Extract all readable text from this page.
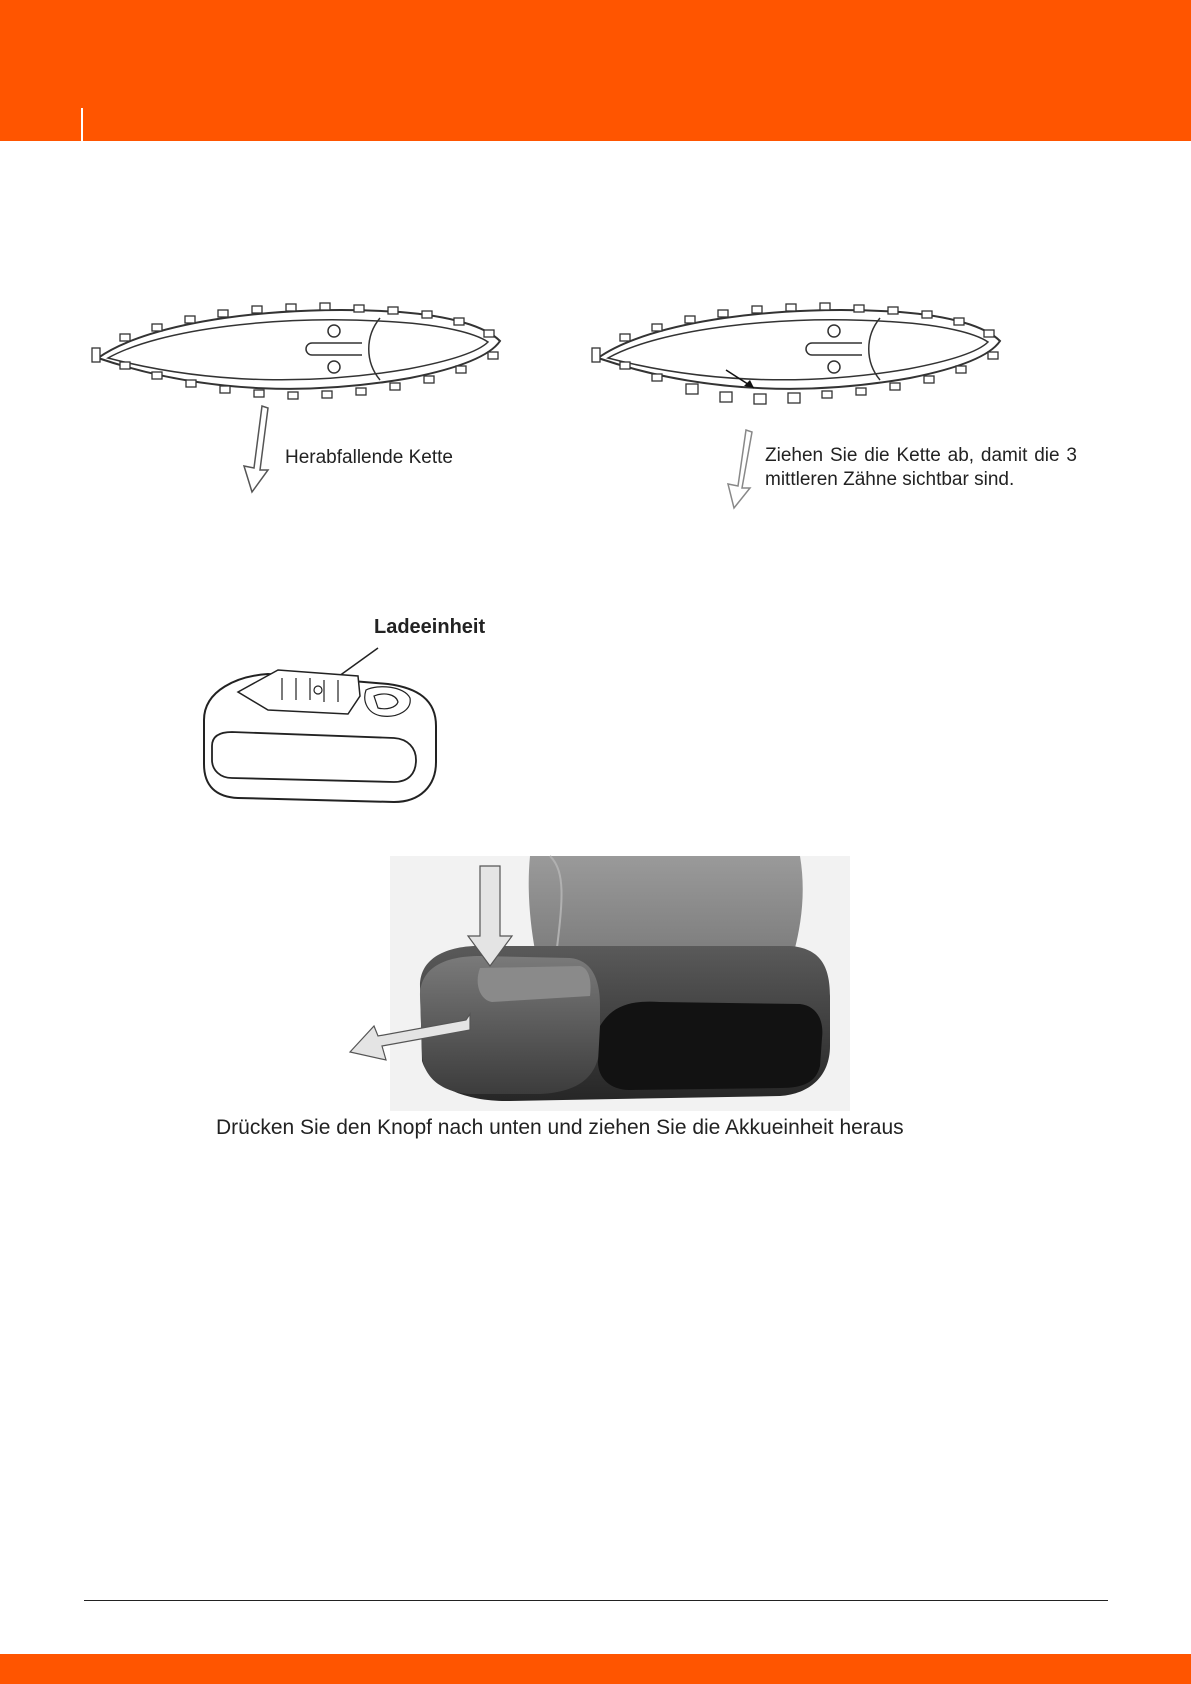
Herabfallende Kette	Ziehen Sie die Kette ab, damit die 3 mittleren Zähne sichtbar sind.
Ladeeinheit
Drücken Sie den Knopf nach unten und ziehen Sie die Akkueinheit heraus
